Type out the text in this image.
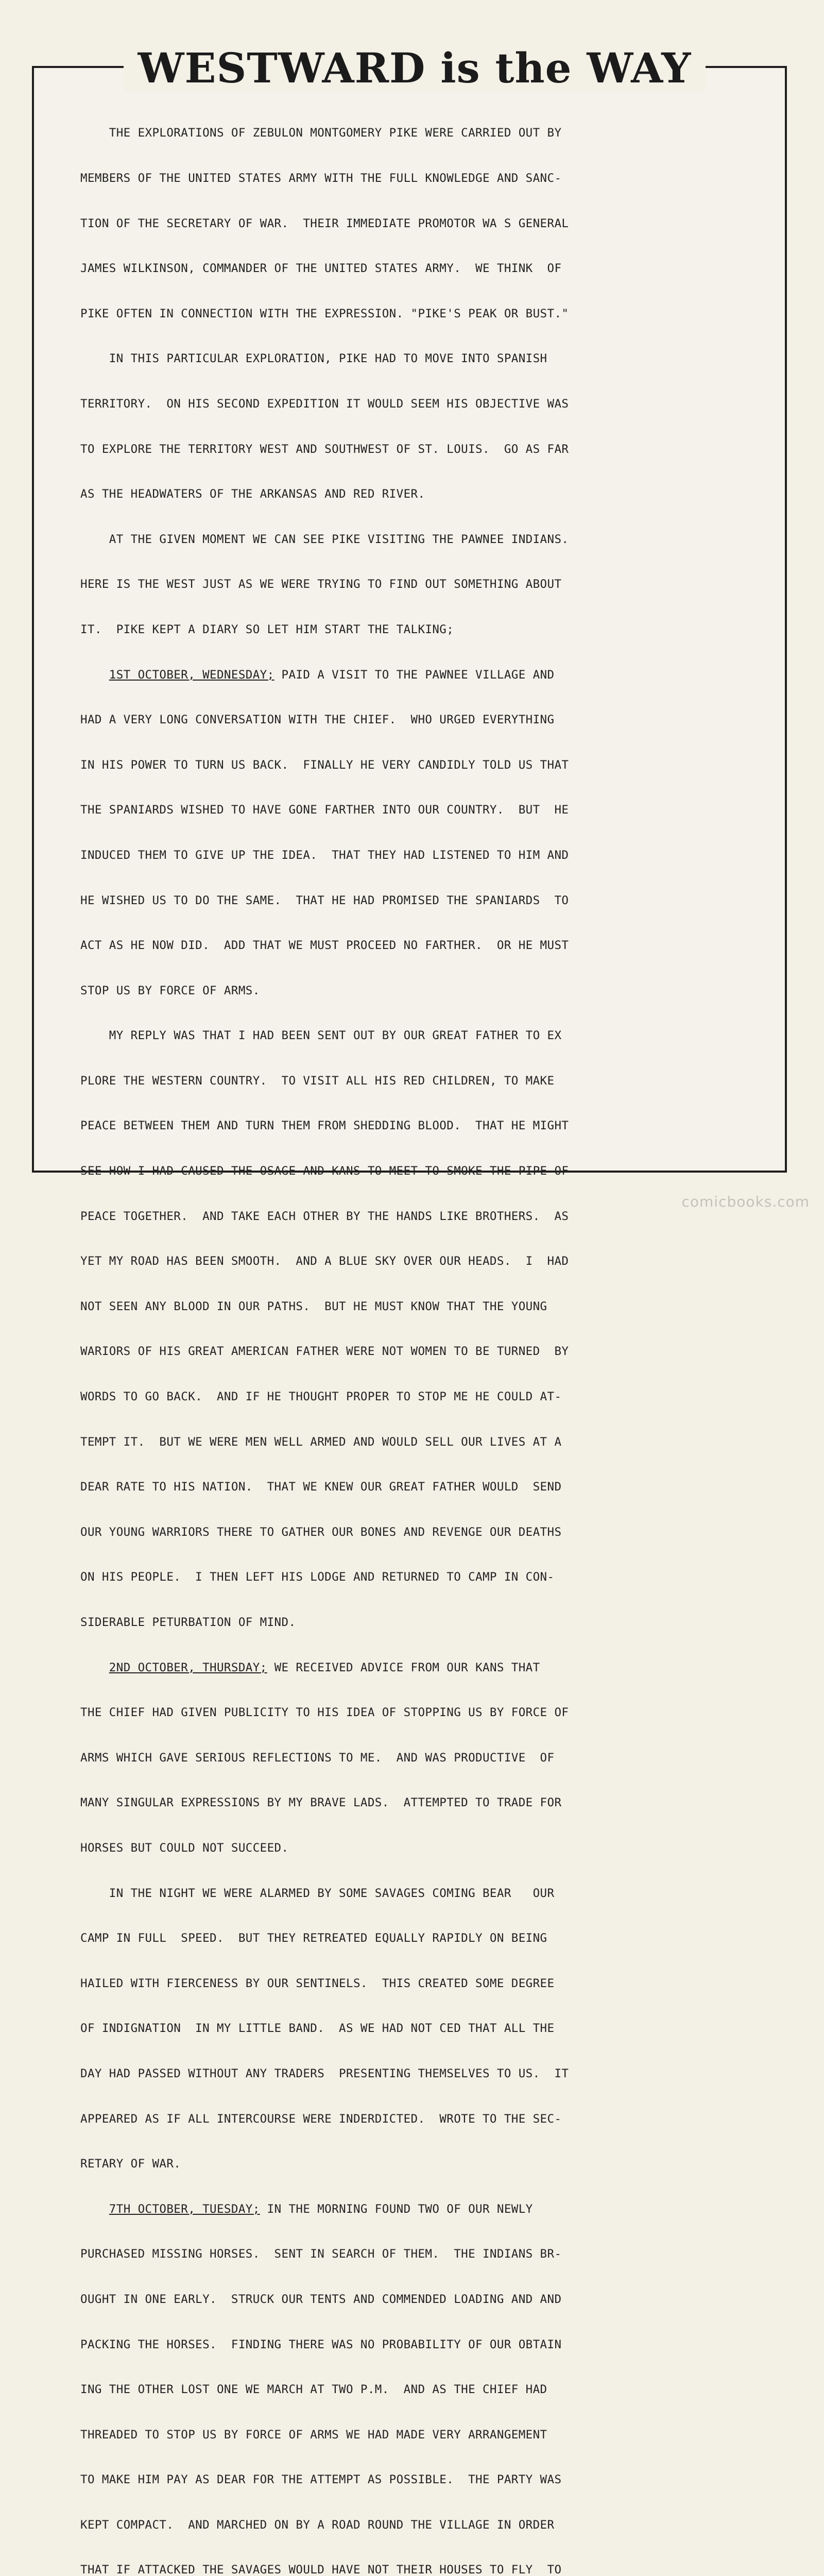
WESTWARD is the WAY

THE EXPLORATIONS OF ZEBULON MONTGOMERY PIKE WERE CARRIED OUT BY

MEMBERS OF THE UNITED STATES ARMY WITH THE FULL KNOWLEDGE AND SANC-

TION OF THE SECRETARY OF WAR.  THEIR IMMEDIATE PROMOTOR WA S GENERAL

JAMES WILKINSON, COMMANDER OF THE UNITED STATES ARMY.  WE THINK  OF

PIKE OFTEN IN CONNECTION WITH THE EXPRESSION. "PIKE'S PEAK OR BUST."

IN THIS PARTICULAR EXPLORATION, PIKE HAD TO MOVE INTO SPANISH

TERRITORY.  ON HIS SECOND EXPEDITION IT WOULD SEEM HIS OBJECTIVE WAS

TO EXPLORE THE TERRITORY WEST AND SOUTHWEST OF ST. LOUIS.  GO AS FAR

AS THE HEADWATERS OF THE ARKANSAS AND RED RIVER.

AT THE GIVEN MOMENT WE CAN SEE PIKE VISITING THE PAWNEE INDIANS.

HERE IS THE WEST JUST AS WE WERE TRYING TO FIND OUT SOMETHING ABOUT

IT.  PIKE KEPT A DIARY SO LET HIM START THE TALKING;

1ST OCTOBER, WEDNESDAY; PAID A VISIT TO THE PAWNEE VILLAGE AND

HAD A VERY LONG CONVERSATION WITH THE CHIEF.  WHO URGED EVERYTHING

IN HIS POWER TO TURN US BACK.  FINALLY HE VERY CANDIDLY TOLD US THAT

THE SPANIARDS WISHED TO HAVE GONE FARTHER INTO OUR COUNTRY.  BUT  HE

INDUCED THEM TO GIVE UP THE IDEA.  THAT THEY HAD LISTENED TO HIM AND

HE WISHED US TO DO THE SAME.  THAT HE HAD PROMISED THE SPANIARDS  TO

ACT AS HE NOW DID.  ADD THAT WE MUST PROCEED NO FARTHER.  OR HE MUST

STOP US BY FORCE OF ARMS.

MY REPLY WAS THAT I HAD BEEN SENT OUT BY OUR GREAT FATHER TO EX

PLORE THE WESTERN COUNTRY.  TO VISIT ALL HIS RED CHILDREN, TO MAKE

PEACE BETWEEN THEM AND TURN THEM FROM SHEDDING BLOOD.  THAT HE MIGHT

SEE HOW I HAD CAUSED THE OSAGE AND KANS TO MEET TO SMOKE THE PIPE OF

PEACE TOGETHER.  AND TAKE EACH OTHER BY THE HANDS LIKE BROTHERS.  AS

YET MY ROAD HAS BEEN SMOOTH.  AND A BLUE SKY OVER OUR HEADS.  I  HAD

NOT SEEN ANY BLOOD IN OUR PATHS.  BUT HE MUST KNOW THAT THE YOUNG

WARIORS OF HIS GREAT AMERICAN FATHER WERE NOT WOMEN TO BE TURNED  BY

WORDS TO GO BACK.  AND IF HE THOUGHT PROPER TO STOP ME HE COULD AT-

TEMPT IT.  BUT WE WERE MEN WELL ARMED AND WOULD SELL OUR LIVES AT A

DEAR RATE TO HIS NATION.  THAT WE KNEW OUR GREAT FATHER WOULD  SEND

OUR YOUNG WARRIORS THERE TO GATHER OUR BONES AND REVENGE OUR DEATHS

ON HIS PEOPLE.  I THEN LEFT HIS LODGE AND RETURNED TO CAMP IN CON-

SIDERABLE PETURBATION OF MIND.

2ND OCTOBER, THURSDAY; WE RECEIVED ADVICE FROM OUR KANS THAT

THE CHIEF HAD GIVEN PUBLICITY TO HIS IDEA OF STOPPING US BY FORCE OF

ARMS WHICH GAVE SERIOUS REFLECTIONS TO ME.  AND WAS PRODUCTIVE  OF

MANY SINGULAR EXPRESSIONS BY MY BRAVE LADS.  ATTEMPTED TO TRADE FOR

HORSES BUT COULD NOT SUCCEED.

IN THE NIGHT WE WERE ALARMED BY SOME SAVAGES COMING BEAR   OUR

CAMP IN FULL  SPEED.  BUT THEY RETREATED EQUALLY RAPIDLY ON BEING

HAILED WITH FIERCENESS BY OUR SENTINELS.  THIS CREATED SOME DEGREE

OF INDIGNATION  IN MY LITTLE BAND.  AS WE HAD NOT CED THAT ALL THE

DAY HAD PASSED WITHOUT ANY TRADERS  PRESENTING THEMSELVES TO US.  IT

APPEARED AS IF ALL INTERCOURSE WERE INDERDICTED.  WROTE TO THE SEC-

RETARY OF WAR.

7TH OCTOBER, TUESDAY; IN THE MORNING FOUND TWO OF OUR NEWLY

PURCHASED MISSING HORSES.  SENT IN SEARCH OF THEM.  THE INDIANS BR-

OUGHT IN ONE EARLY.  STRUCK OUR TENTS AND COMMENDED LOADING AND AND

PACKING THE HORSES.  FINDING THERE WAS NO PROBABILITY OF OUR OBTAIN

ING THE OTHER LOST ONE WE MARCH AT TWO P.M.  AND AS THE CHIEF HAD

THREADED TO STOP US BY FORCE OF ARMS WE HAD MADE VERY ARRANGEMENT

TO MAKE HIM PAY AS DEAR FOR THE ATTEMPT AS POSSIBLE.  THE PARTY WAS

KEPT COMPACT.  AND MARCHED ON BY A ROAD ROUND THE VILLAGE IN ORDER

THAT IF ATTACKED THE SAVAGES WOULD HAVE NOT THEIR HOUSES TO FLY  TO

comicbooks.com
